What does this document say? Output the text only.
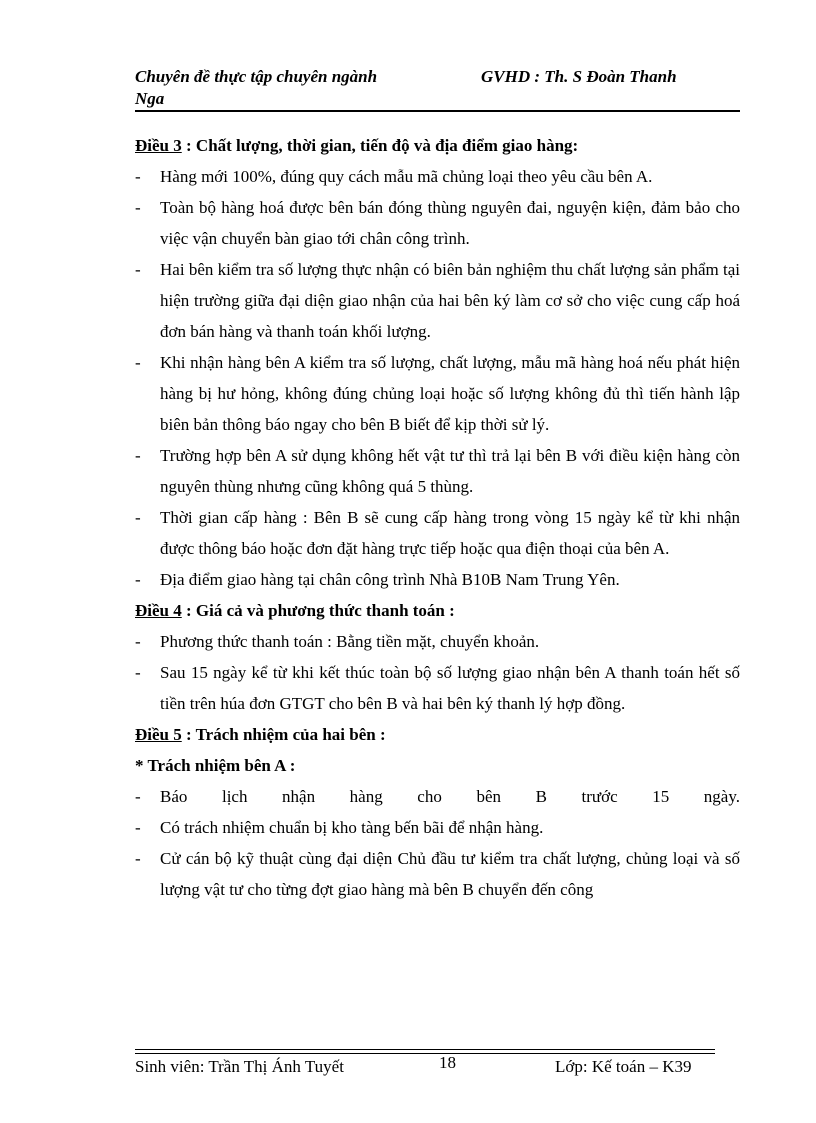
Chuyên đề thực tập chuyên ngành
Nga
GVHD : Th. S Đoàn Thanh
Điều 3 : Chất lượng, thời gian, tiến độ và địa điểm giao hàng:
- Hàng mới 100%, đúng quy cách mẫu mã chủng loại theo yêu cầu bên A.
- Toàn bộ hàng hoá được bên bán đóng thùng nguyên đai, nguyện kiện, đảm bảo cho việc vận chuyển bàn giao tới chân công trình.
- Hai bên kiểm tra số lượng thực nhận có biên bản nghiệm thu chất lượng sản phẩm tại hiện trường giữa đại diện giao nhận của hai bên ký làm cơ sở cho việc cung cấp hoá đơn bán hàng và thanh toán khối lượng.
- Khi nhận hàng bên A kiểm tra số lượng, chất lượng, mẫu mã hàng hoá nếu phát hiện hàng bị hư hỏng, không đúng chủng loại hoặc số lượng không đủ thì tiến hành lập biên bản thông báo ngay cho bên B biết để kịp thời sử lý.
- Trường hợp bên A sử dụng không hết vật tư thì trả lại bên B với điều kiện hàng còn nguyên thùng nhưng cũng không quá 5 thùng.
- Thời gian cấp hàng : Bên B sẽ cung cấp hàng trong vòng 15 ngày kể từ khi nhận được thông báo hoặc đơn đặt hàng trực tiếp hoặc qua điện thoại của bên A.
- Địa điểm giao hàng tại chân công trình Nhà B10B Nam Trung Yên.
Điều 4 : Giá cả và phương thức thanh toán :
- Phương thức thanh toán : Bằng tiền mặt, chuyển khoản.
- Sau 15 ngày kể từ khi kết thúc toàn bộ số lượng giao nhận bên A thanh toán hết số tiền trên húa đơn GTGT cho bên B và hai bên ký thanh lý hợp đồng.
Điều 5 : Trách nhiệm của hai bên :
* Trách nhiệm bên A :
- Báo lịch nhận hàng cho bên B trước 15 ngày.
- Có trách nhiệm chuẩn bị kho tàng bến bãi để nhận hàng.
- Cử cán bộ kỹ thuật cùng đại diện Chủ đầu tư kiểm tra chất lượng, chủng loại và số lượng vật tư cho từng đợt giao hàng mà bên B chuyển đến công
Sinh viên: Trần Thị Ánh Tuyết	18	Lớp: Kế toán – K39
